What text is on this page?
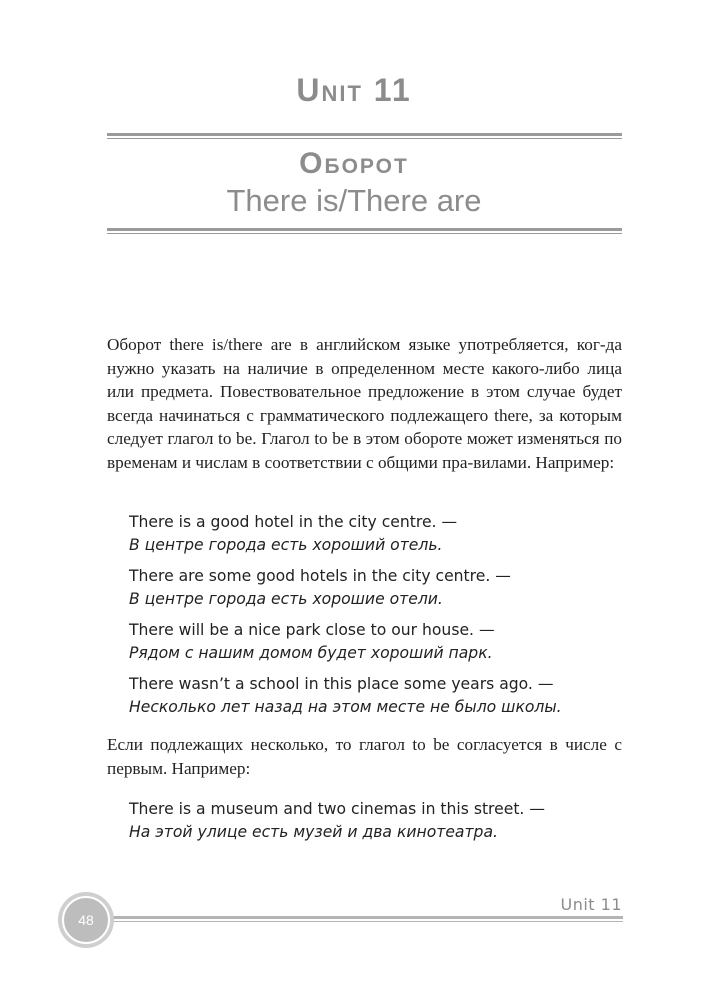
Unit 11
Оборот
There is/There are

Оборот there is/there are в английском языке употребляется, ког-да нужно указать на наличие в определенном месте какого-либо лица или предмета. Повествовательное предложение в этом случае будет всегда начинаться с грамматического подлежащего there, за которым следует глагол to be. Глагол to be в этом обороте может изменяться по временам и числам в соответствии с общими пра-вилами. Например:

There is a good hotel in the city centre. —
В центре города есть хороший отель.
There are some good hotels in the city centre. —
В центре города есть хорошие отели.
There will be a nice park close to our house. —
Рядом с нашим домом будет хороший парк.
There wasn’t a school in this place some years ago. —
Несколько лет назад на этом месте не было школы.

Если подлежащих несколько, то глагол to be согласуется в числе с первым. Например:

There is a museum and two cinemas in this street. —
На этой улице есть музей и два кинотеатра.
Unit 11
48
